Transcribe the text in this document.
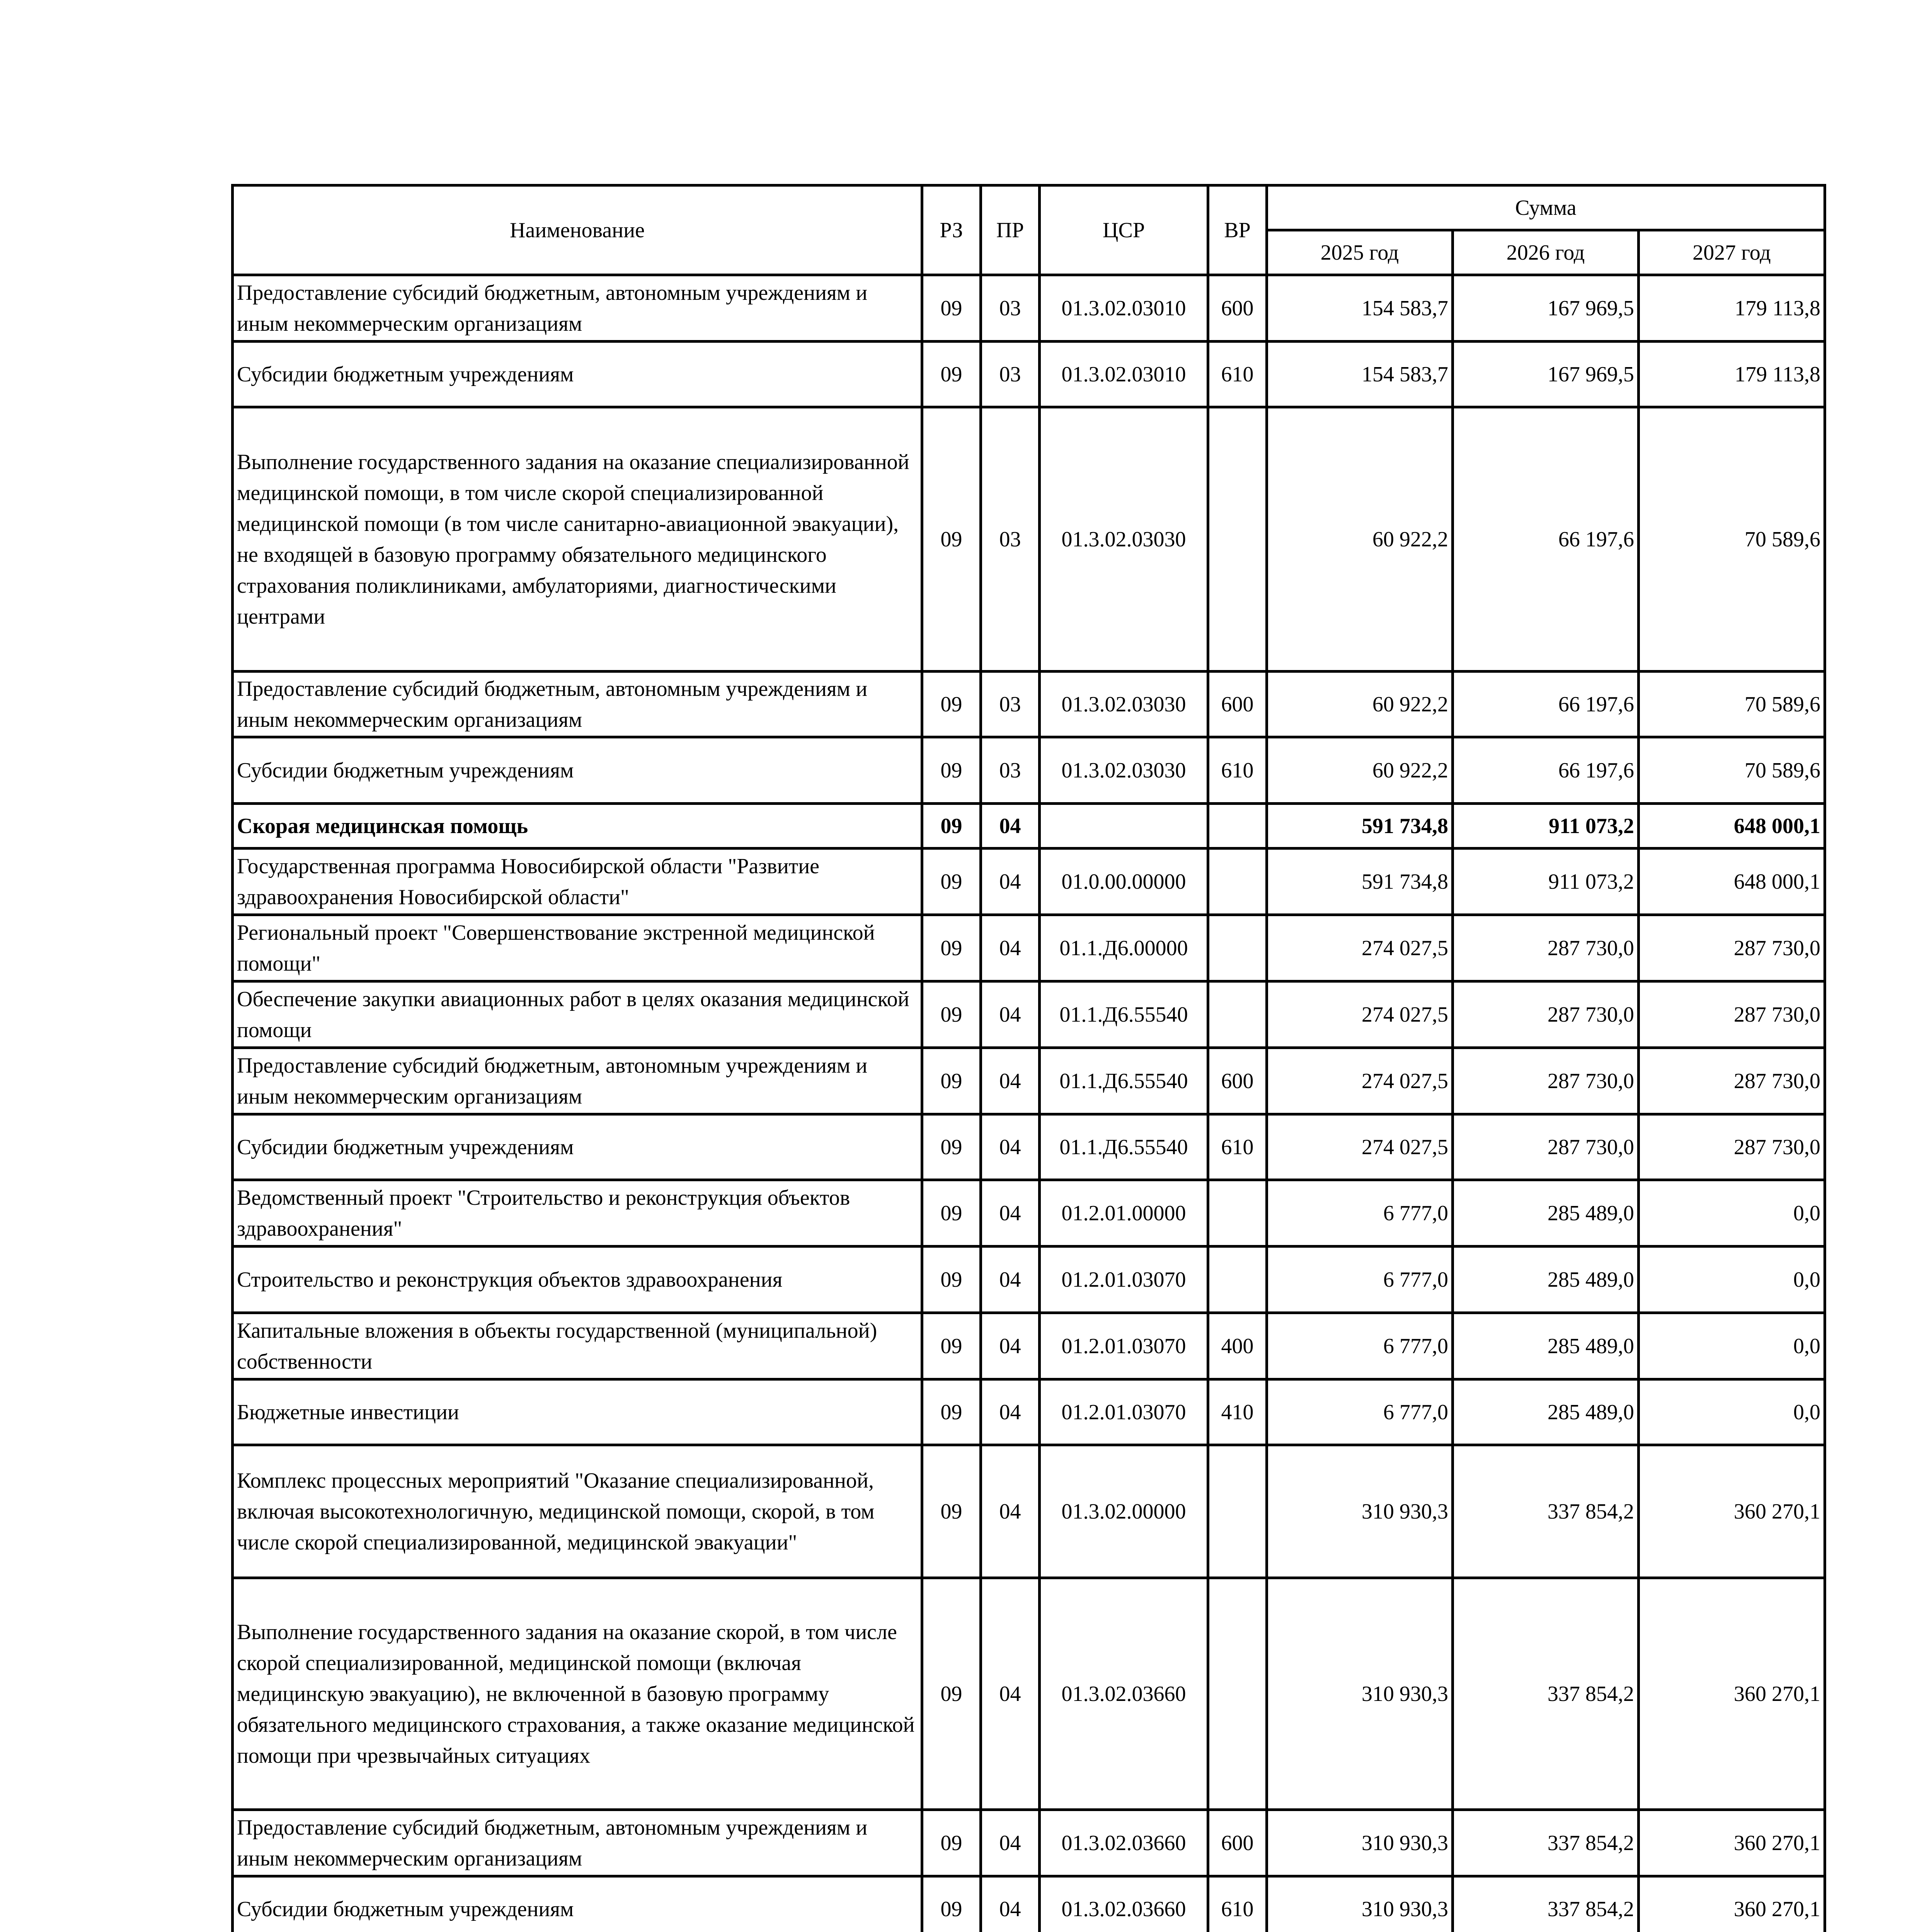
Наименование	РЗ	ПР	ЦСР	ВР	Сумма		
					2025 год	2026 год	2027 год
Предоставление субсидий бюджетным, автономным учреждениям и иным некоммерческим организациям	09	03	01.3.02.03010	600	154 583,7	167 969,5	179 113,8
Субсидии бюджетным учреждениям	09	03	01.3.02.03010	610	154 583,7	167 969,5	179 113,8
Выполнение государственного задания на оказание специализированной медицинской помощи, в том числе скорой специализированной медицинской помощи (в том числе санитарно-авиационной эвакуации), не входящей в базовую программу обязательного медицинского страхования поликлиниками, амбулаториями, диагностическими центрами	09	03	01.3.02.03030		60 922,2	66 197,6	70 589,6
Предоставление субсидий бюджетным, автономным учреждениям и иным некоммерческим организациям	09	03	01.3.02.03030	600	60 922,2	66 197,6	70 589,6
Субсидии бюджетным учреждениям	09	03	01.3.02.03030	610	60 922,2	66 197,6	70 589,6
Скорая медицинская помощь	09	04			591 734,8	911 073,2	648 000,1
Государственная программа Новосибирской области "Развитие здравоохранения Новосибирской области"	09	04	01.0.00.00000		591 734,8	911 073,2	648 000,1
Региональный проект "Совершенствование экстренной медицинской помощи"	09	04	01.1.Д6.00000		274 027,5	287 730,0	287 730,0
Обеспечение закупки авиационных работ в целях оказания медицинской помощи	09	04	01.1.Д6.55540		274 027,5	287 730,0	287 730,0
Предоставление субсидий бюджетным, автономным учреждениям и иным некоммерческим организациям	09	04	01.1.Д6.55540	600	274 027,5	287 730,0	287 730,0
Субсидии бюджетным учреждениям	09	04	01.1.Д6.55540	610	274 027,5	287 730,0	287 730,0
Ведомственный проект "Строительство и реконструкция объектов здравоохранения"	09	04	01.2.01.00000		6 777,0	285 489,0	0,0
Строительство и реконструкция объектов здравоохранения	09	04	01.2.01.03070		6 777,0	285 489,0	0,0
Капитальные вложения в объекты государственной (муниципальной) собственности	09	04	01.2.01.03070	400	6 777,0	285 489,0	0,0
Бюджетные инвестиции	09	04	01.2.01.03070	410	6 777,0	285 489,0	0,0
Комплекс процессных мероприятий "Оказание специализированной, включая высокотехнологичную, медицинской помощи, скорой, в том числе скорой специализированной, медицинской эвакуации"	09	04	01.3.02.00000		310 930,3	337 854,2	360 270,1
Выполнение государственного задания на оказание скорой, в том числе скорой специализированной, медицинской помощи (включая медицинскую эвакуацию), не включенной в базовую программу обязательного медицинского страхования, а также оказание медицинской помощи при чрезвычайных ситуациях	09	04	01.3.02.03660		310 930,3	337 854,2	360 270,1
Предоставление субсидий бюджетным, автономным учреждениям и иным некоммерческим организациям	09	04	01.3.02.03660	600	310 930,3	337 854,2	360 270,1
Субсидии бюджетным учреждениям	09	04	01.3.02.03660	610	310 930,3	337 854,2	360 270,1
